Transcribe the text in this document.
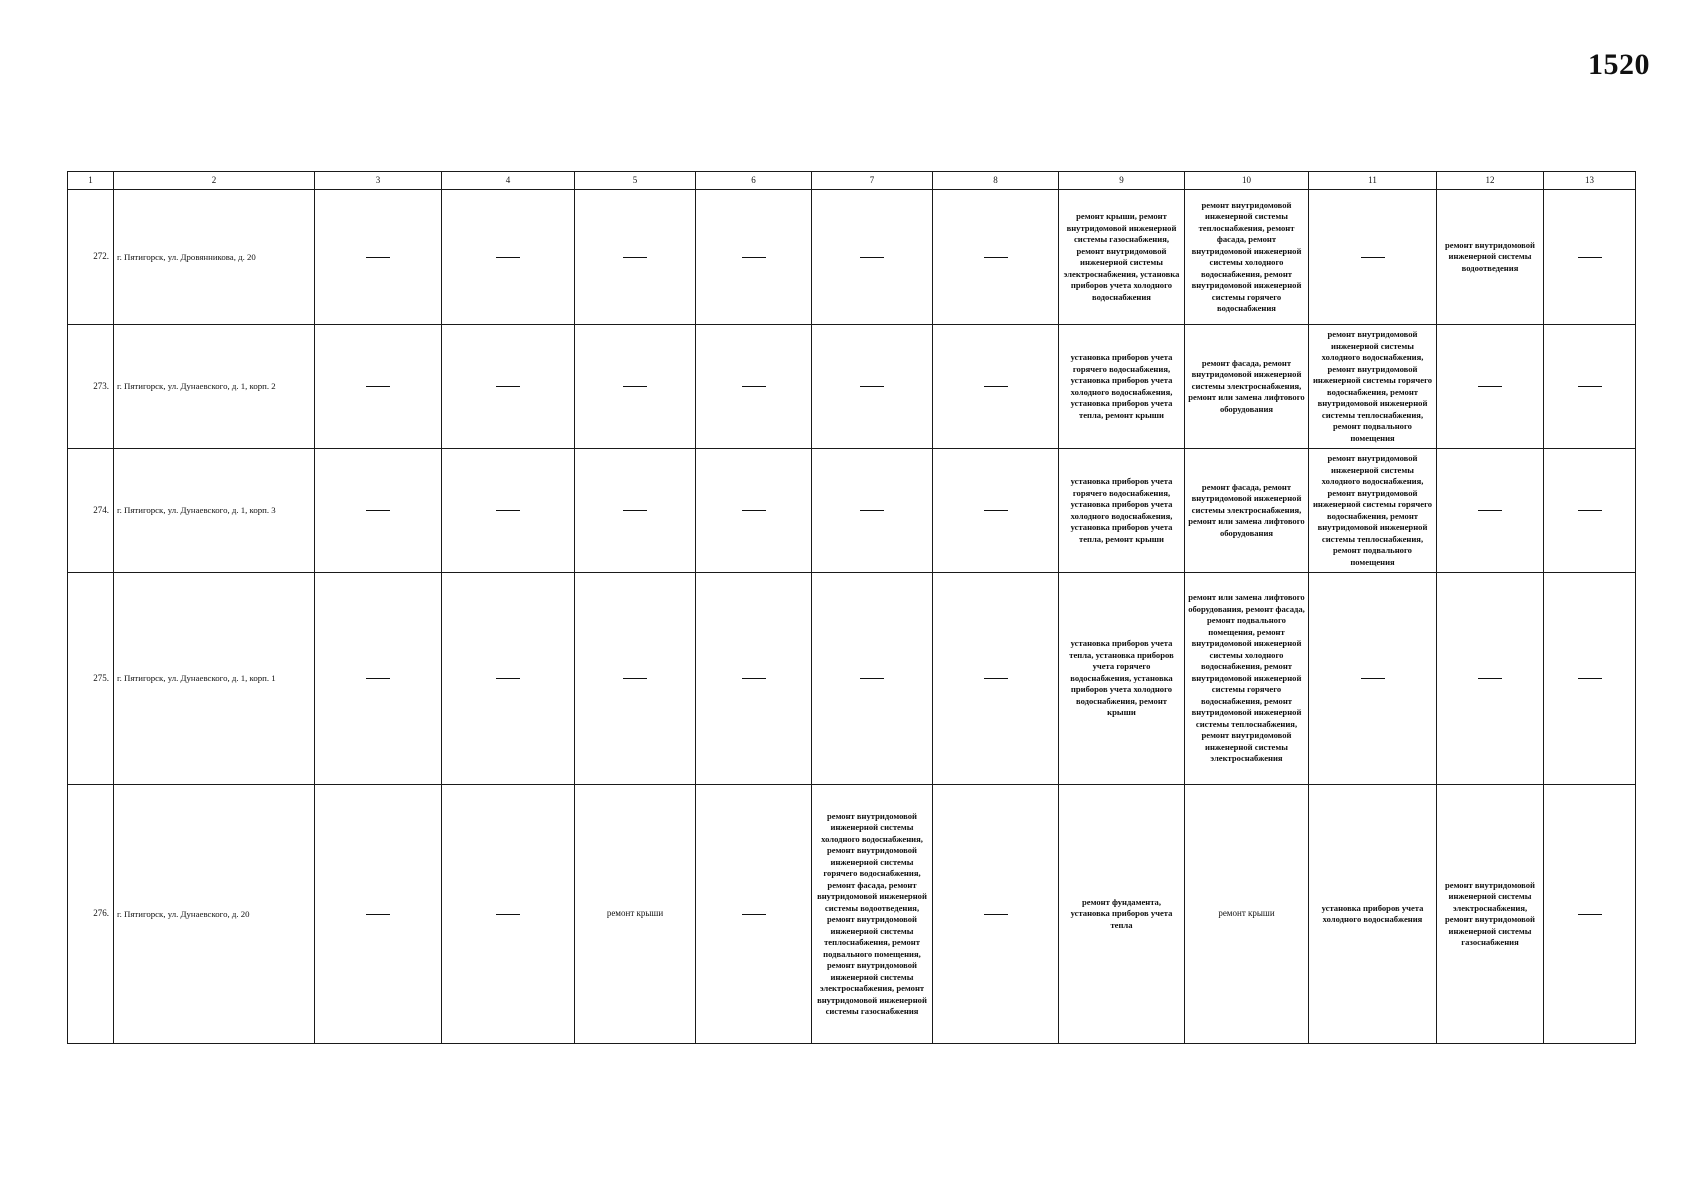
1520
1	2	3	4	5	6	7	8	9	10	11	12	13
272.	г. Пятигорск, ул. Дровянникова, д. 20							ремонт крыши, ремонт внутридомовой инженерной системы газоснабжения, ремонт внутридомовой инженерной системы электроснабжения, установка приборов учета холодного водоснабжения	ремонт внутридомовой инженерной системы теплоснабжения, ремонт фасада, ремонт внутридомовой инженерной системы холодного водоснабжения, ремонт внутридомовой инженерной системы горячего водоснабжения		ремонт внутридомовой инженерной системы водоотведения	
273.	г. Пятигорск, ул. Дунаевского, д. 1, корп. 2							установка приборов учета горячего водоснабжения, установка приборов учета холодного водоснабжения, установка приборов учета тепла, ремонт крыши	ремонт фасада, ремонт внутридомовой инженерной системы электроснабжения, ремонт или замена лифтового оборудования	ремонт внутридомовой инженерной системы холодного водоснабжения, ремонт внутридомовой инженерной системы горячего водоснабжения, ремонт внутридомовой инженерной системы теплоснабжения, ремонт подвального помещения		
274.	г. Пятигорск, ул. Дунаевского, д. 1, корп. 3							установка приборов учета горячего водоснабжения, установка приборов учета холодного водоснабжения, установка приборов учета тепла, ремонт крыши	ремонт фасада, ремонт внутридомовой инженерной системы электроснабжения, ремонт или замена лифтового оборудования	ремонт внутридомовой инженерной системы холодного водоснабжения, ремонт внутридомовой инженерной системы горячего водоснабжения, ремонт внутридомовой инженерной системы теплоснабжения, ремонт подвального помещения		
275.	г. Пятигорск, ул. Дунаевского, д. 1, корп. 1							установка приборов учета тепла, установка приборов учета горячего водоснабжения, установка приборов учета холодного водоснабжения, ремонт крыши	ремонт или замена лифтового оборудования, ремонт фасада, ремонт подвального помещения, ремонт внутридомовой инженерной системы холодного водоснабжения, ремонт внутридомовой инженерной системы горячего водоснабжения, ремонт внутридомовой инженерной системы теплоснабжения, ремонт внутридомовой инженерной системы электроснабжения			
276.	г. Пятигорск, ул. Дунаевского, д. 20			ремонт крыши		ремонт внутридомовой инженерной системы холодного водоснабжения, ремонт внутридомовой инженерной системы горячего водоснабжения, ремонт фасада, ремонт внутридомовой инженерной системы водоотведения, ремонт внутридомовой инженерной системы теплоснабжения, ремонт подвального помещения, ремонт внутридомовой инженерной системы электроснабжения, ремонт внутридомовой инженерной системы газоснабжения		ремонт фундамента, установка приборов учета тепла	ремонт крыши	установка приборов учета холодного водоснабжения	ремонт внутридомовой инженерной системы электроснабжения, ремонт внутридомовой инженерной системы газоснабжения	
